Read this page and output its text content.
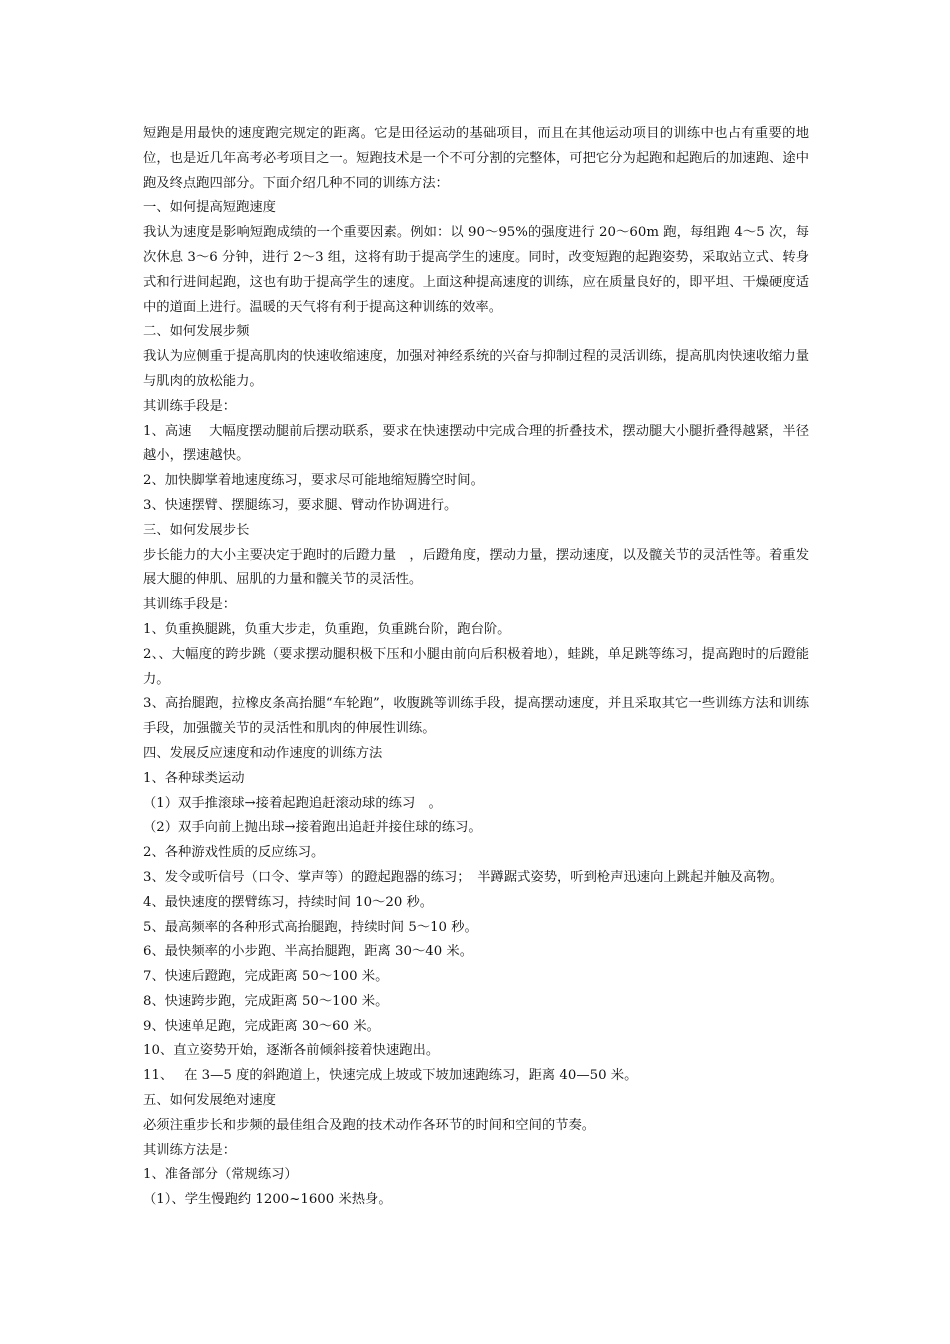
短跑是用最快的速度跑完规定的距离。它是田径运动的基础项目，而且在其他运动项目的训练中也占有重要的地位，也是近几年高考必考项目之一。短跑技术是一个不可分割的完整体，可把它分为起跑和起跑后的加速跑、途中跑及终点跑四部分。下面介绍几种不同的训练方法：

一、如何提高短跑速度

我认为速度是影响短跑成绩的一个重要因素。例如：以 90～95%的强度进行 20～60m 跑，每组跑 4～5 次，每次休息 3～6 分钟，进行 2～3 组，这将有助于提高学生的速度。同时，改变短跑的起跑姿势，采取站立式、转身式和行进间起跑，这也有助于提高学生的速度。上面这种提高速度的训练，应在质量良好的，即平坦、干燥硬度适中的道面上进行。温暖的天气将有利于提高这种训练的效率。

二、如何发展步频

我认为应侧重于提高肌肉的快速收缩速度，加强对神经系统的兴奋与抑制过程的灵活训练，提高肌肉快速收缩力量与肌肉的放松能力。

其训练手段是：

1、高速　 大幅度摆动腿前后摆动联系，要求在快速摆动中完成合理的折叠技术，摆动腿大小腿折叠得越紧，半径越小，摆速越快。

2、加快脚掌着地速度练习，要求尽可能地缩短腾空时间。

3、快速摆臂、摆腿练习，要求腿、臂动作协调进行。

三、如何发展步长

步长能力的大小主要决定于跑时的后蹬力量　，后蹬角度，摆动力量，摆动速度，以及髋关节的灵活性等。着重发展大腿的伸肌、屈肌的力量和髋关节的灵活性。

其训练手段是：

1、负重换腿跳，负重大步走，负重跑，负重跳台阶，跑台阶。

2、、大幅度的跨步跳（要求摆动腿积极下压和小腿由前向后积极着地），蛙跳，单足跳等练习，提高跑时的后蹬能力。

3、高抬腿跑，拉橡皮条高抬腿“车轮跑”，收腹跳等训练手段，提高摆动速度，并且采取其它一些训练方法和训练手段，加强髋关节的灵活性和肌肉的伸展性训练。

四、发展反应速度和动作速度的训练方法

1、各种球类运动

（1）双手推滚球→接着起跑追赶滚动球的练习　。

（2）双手向前上抛出球→接着跑出追赶并接住球的练习。

2、各种游戏性质的反应练习。

3、发令或听信号（口令、掌声等）的蹬起跑器的练习；　半蹲踞式姿势，听到枪声迅速向上跳起并触及高物。

4、最快速度的摆臂练习，持续时间 10～20 秒。

5、最高频率的各种形式高抬腿跑，持续时间 5～10 秒。

6、最快频率的小步跑、半高抬腿跑，距离 30～40 米。

7、快速后蹬跑，完成距离 50～100 米。

8、快速跨步跑，完成距离 50～100 米。

9、快速单足跑，完成距离 30～60 米。

10、直立姿势开始，逐渐各前倾斜接着快速跑出。

11、　 在 3—5 度的斜跑道上，快速完成上坡或下坡加速跑练习，距离 40—50 米。

五、如何发展绝对速度

必须注重步长和步频的最佳组合及跑的技术动作各环节的时间和空间的节奏。

其训练方法是：

1、准备部分（常规练习）

（1）、学生慢跑约 1200~1600 米热身。
